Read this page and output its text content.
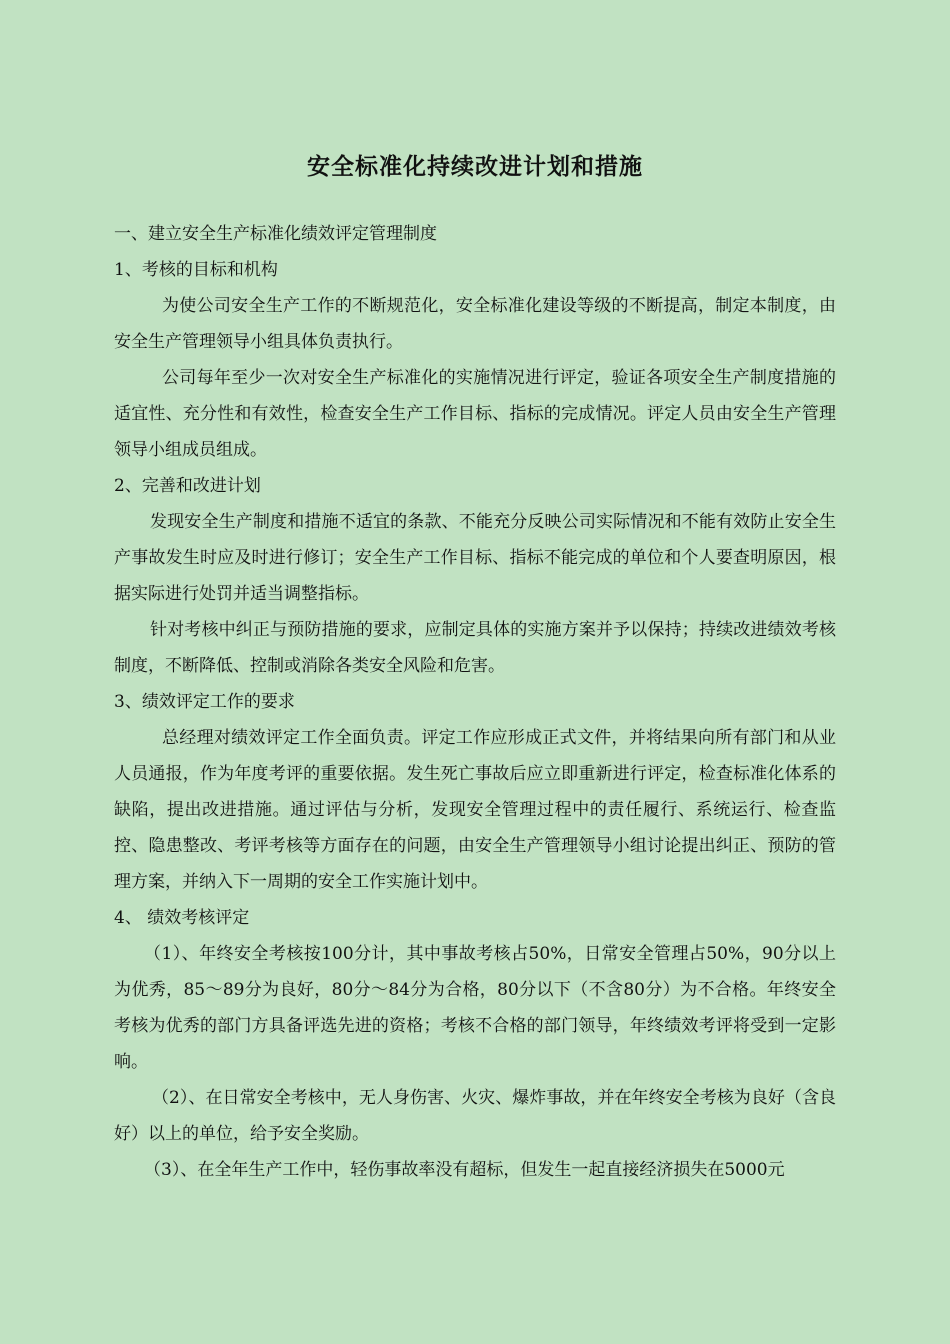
安全标准化持续改进计划和措施

一、建立安全生产标准化绩效评定管理制度

1、考核的目标和机构

为使公司安全生产工作的不断规范化，安全标准化建设等级的不断提高，制定本制度，由安全生产管理领导小组具体负责执行。

公司每年至少一次对安全生产标准化的实施情况进行评定，验证各项安全生产制度措施的适宜性、充分性和有效性，检查安全生产工作目标、指标的完成情况。评定人员由安全生产管理领导小组成员组成。

2、完善和改进计划

发现安全生产制度和措施不适宜的条款、不能充分反映公司实际情况和不能有效防止安全生产事故发生时应及时进行修订；安全生产工作目标、指标不能完成的单位和个人要查明原因，根据实际进行处罚并适当调整指标。

针对考核中纠正与预防措施的要求，应制定具体的实施方案并予以保持；持续改进绩效考核制度，不断降低、控制或消除各类安全风险和危害。

3、绩效评定工作的要求

总经理对绩效评定工作全面负责。评定工作应形成正式文件，并将结果向所有部门和从业人员通报，作为年度考评的重要依据。发生死亡事故后应立即重新进行评定，检查标准化体系的缺陷，提出改进措施。通过评估与分析，发现安全管理过程中的责任履行、系统运行、检查监控、隐患整改、考评考核等方面存在的问题，由安全生产管理领导小组讨论提出纠正、预防的管理方案，并纳入下一周期的安全工作实施计划中。

4、 绩效考核评定

（1）、年终安全考核按100分计，其中事故考核占50%，日常安全管理占50%，90分以上为优秀，85～89分为良好，80分～84分为合格，80分以下（不含80分）为不合格。年终安全考核为优秀的部门方具备评选先进的资格；考核不合格的部门领导，年终绩效考评将受到一定影响。

（2）、在日常安全考核中，无人身伤害、火灾、爆炸事故，并在年终安全考核为良好（含良好）以上的单位，给予安全奖励。

（3）、在全年生产工作中，轻伤事故率没有超标，但发生一起直接经济损失在5000元
